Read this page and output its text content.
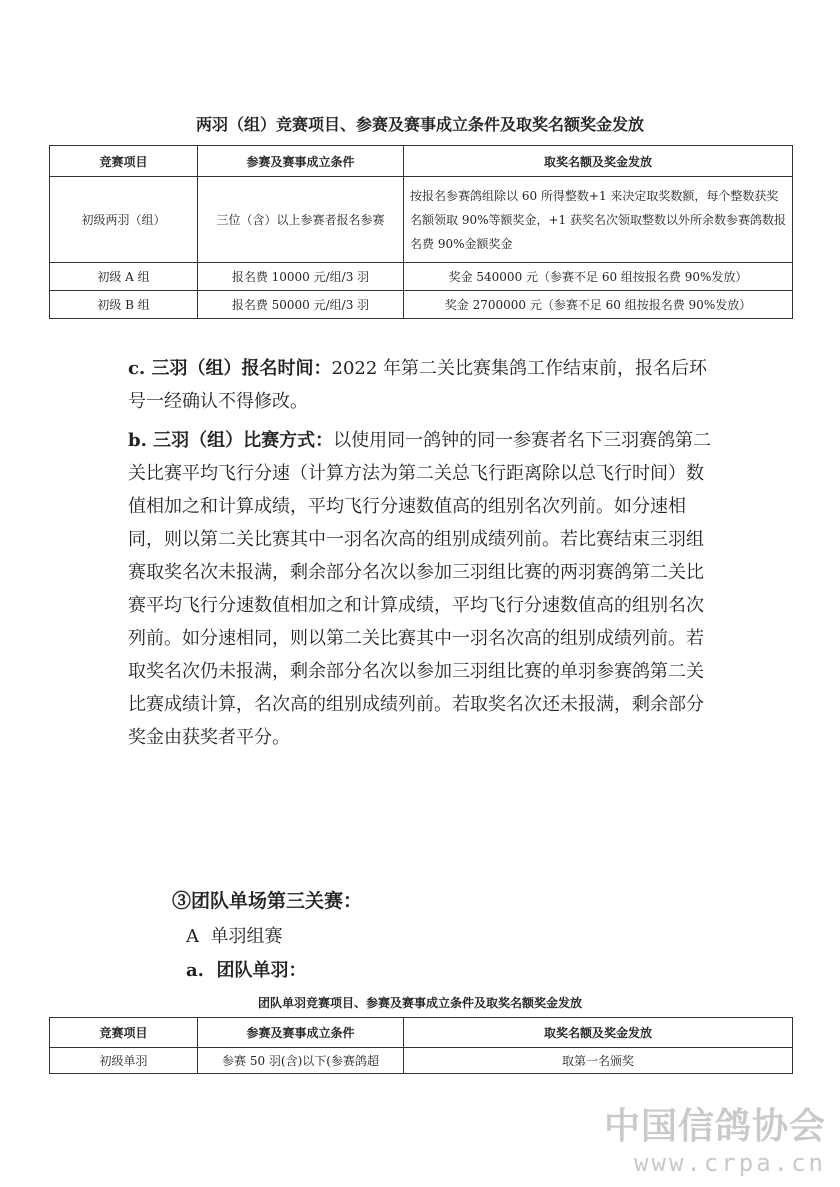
两羽（组）竞赛项目、参赛及赛事成立条件及取奖名额奖金发放
竞赛项目	参赛及赛事成立条件	取奖名额及奖金发放
初级两羽（组）	三位（含）以上参赛者报名参赛	按报名参赛鸽组除以 60 所得整数+1 来决定取奖数额，每个整数获奖名额领取 90%等额奖金，+1 获奖名次领取整数以外所余数参赛鸽数报名费 90%金额奖金
初级 A 组	报名费 10000 元/组/3 羽	奖金 540000 元（参赛不足 60 组按报名费 90%发放）
初级 B 组	报名费 50000 元/组/3 羽	奖金 2700000 元（参赛不足 60 组按报名费 90%发放）
c. 三羽（组）报名时间：2022 年第二关比赛集鸽工作结束前，报名后环号一经确认不得修改。
b. 三羽（组）比赛方式：以使用同一鸽钟的同一参赛者名下三羽赛鸽第二关比赛平均飞行分速（计算方法为第二关总飞行距离除以总飞行时间）数值相加之和计算成绩，平均飞行分速数值高的组别名次列前。如分速相同，则以第二关比赛其中一羽名次高的组别成绩列前。若比赛结束三羽组赛取奖名次未报满，剩余部分名次以参加三羽组比赛的两羽赛鸽第二关比赛平均飞行分速数值相加之和计算成绩，平均飞行分速数值高的组别名次列前。如分速相同，则以第二关比赛其中一羽名次高的组别成绩列前。若取奖名次仍未报满，剩余部分名次以参加三羽组比赛的单羽参赛鸽第二关比赛成绩计算，名次高的组别成绩列前。若取奖名次还未报满，剩余部分奖金由获奖者平分。
③团队单场第三关赛：
A  单羽组赛
a.  团队单羽：
团队单羽竞赛项目、参赛及赛事成立条件及取奖名额奖金发放
竞赛项目	参赛及赛事成立条件	取奖名额及奖金发放
初级单羽	参赛 50 羽(含)以下(参赛鸽超	取第一名颁奖
中国信鸽协会
www.crpa.cn
